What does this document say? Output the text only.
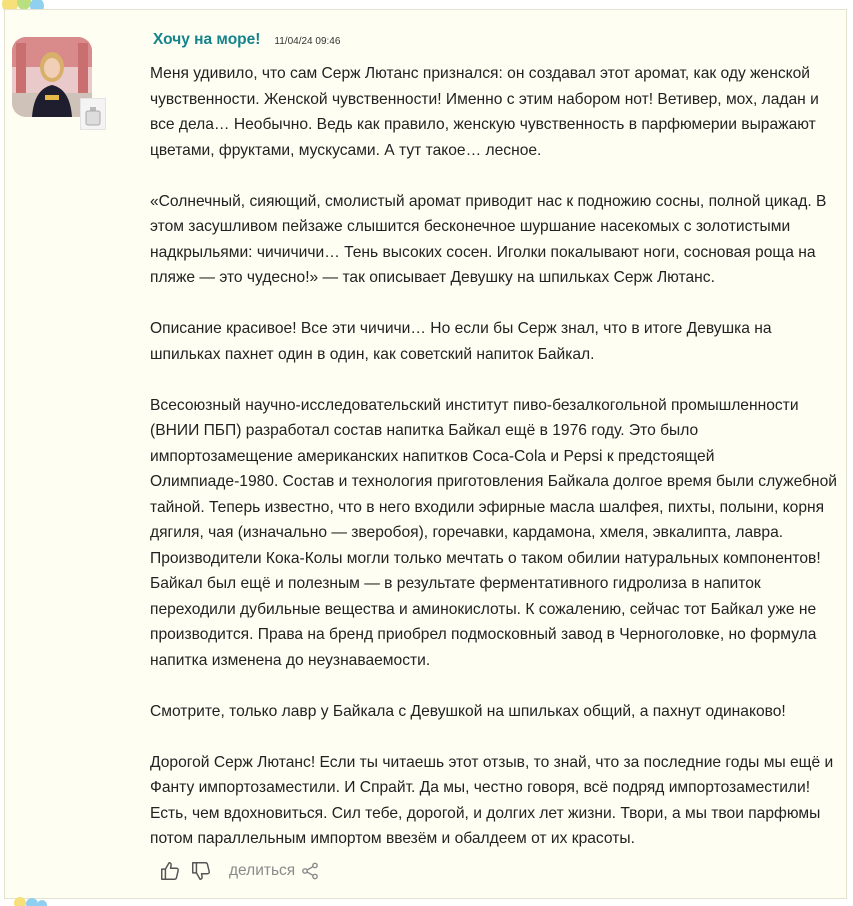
Хочу на море! 11/04/24 09:46

Меня удивило, что сам Серж Лютанс признался: он создавал этот аромат, как оду женской чувственности. Женской чувственности! Именно с этим набором нот! Ветивер, мох, ладан и все дела… Необычно. Ведь как правило, женскую чувственность в парфюмерии выражают цветами, фруктами, мускусами. А тут такое… лесное.

«Солнечный, сияющий, смолистый аромат приводит нас к подножию сосны, полной цикад. В этом засушливом пейзаже слышится бесконечное шуршание насекомых с золотистыми надкрыльями: чичичичи… Тень высоких сосен. Иголки покалывают ноги, сосновая роща на пляже — это чудесно!» — так описывает Девушку на шпильках Серж Лютанс.

Описание красивое! Все эти чичичи… Но если бы Серж знал, что в итоге Девушка на шпильках пахнет один в один, как советский напиток Байкал.

Всесоюзный научно-исследовательский институт пиво-безалкогольной промышленности (ВНИИ ПБП) разработал состав напитка Байкал ещё в 1976 году. Это было импортозамещение американских напитков Coca-Cola и Pepsi к предстоящей Олимпиаде-1980. Состав и технология приготовления Байкала долгое время были служебной тайной. Теперь известно, что в него входили эфирные масла шалфея, пихты, полыни, корня дягиля, чая (изначально — зверобоя), горечавки, кардамона, хмеля, эвкалипта, лавра. Производители Кока-Колы могли только мечтать о таком обилии натуральных компонентов! Байкал был ещё и полезным — в результате ферментативного гидролиза в напиток переходили дубильные вещества и аминокислоты. К сожалению, сейчас тот Байкал уже не производится. Права на бренд приобрел подмосковный завод в Черноголовке, но формула напитка изменена до неузнаваемости.

Смотрите, только лавр у Байкала с Девушкой на шпильках общий, а пахнут одинаково!

Дорогой Серж Лютанс! Если ты читаешь этот отзыв, то знай, что за последние годы мы ещё и Фанту импортозаместили. И Спрайт. Да мы, честно говоря, всё подряд импортозаместили! Есть, чем вдохновиться. Сил тебе, дорогой, и долгих лет жизни. Твори, а мы твои парфюмы потом параллельным импортом ввезём и обалдеем от их красоты.

делиться
